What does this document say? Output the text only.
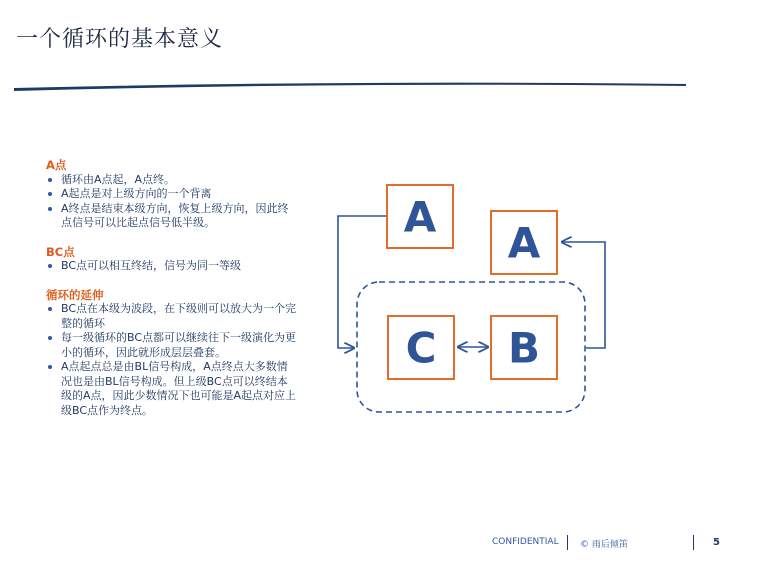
一个循环的基本意义

A点

循环由A点起，A点终。
A起点是对上级方向的一个背离
A终点是结束本级方向，恢复上级方向，因此终点信号可以比起点信号低半级。

BC点

BC点可以相互终结，信号为同一等级

循环的延伸

BC点在本级为波段，在下级则可以放大为一个完整的循环
每一级循环的BC点都可以继续往下一级演化为更小的循环，因此就形成层层叠套。
A点起点总是由BL信号构成，A点终点大多数情况也是由BL信号构成。但上级BC点可以终结本级的A点，因此少数情况下也可能是A起点对应上级BC点作为终点。
A
A
C B
CONFIDENTIAL © 雨后倾笛	5
